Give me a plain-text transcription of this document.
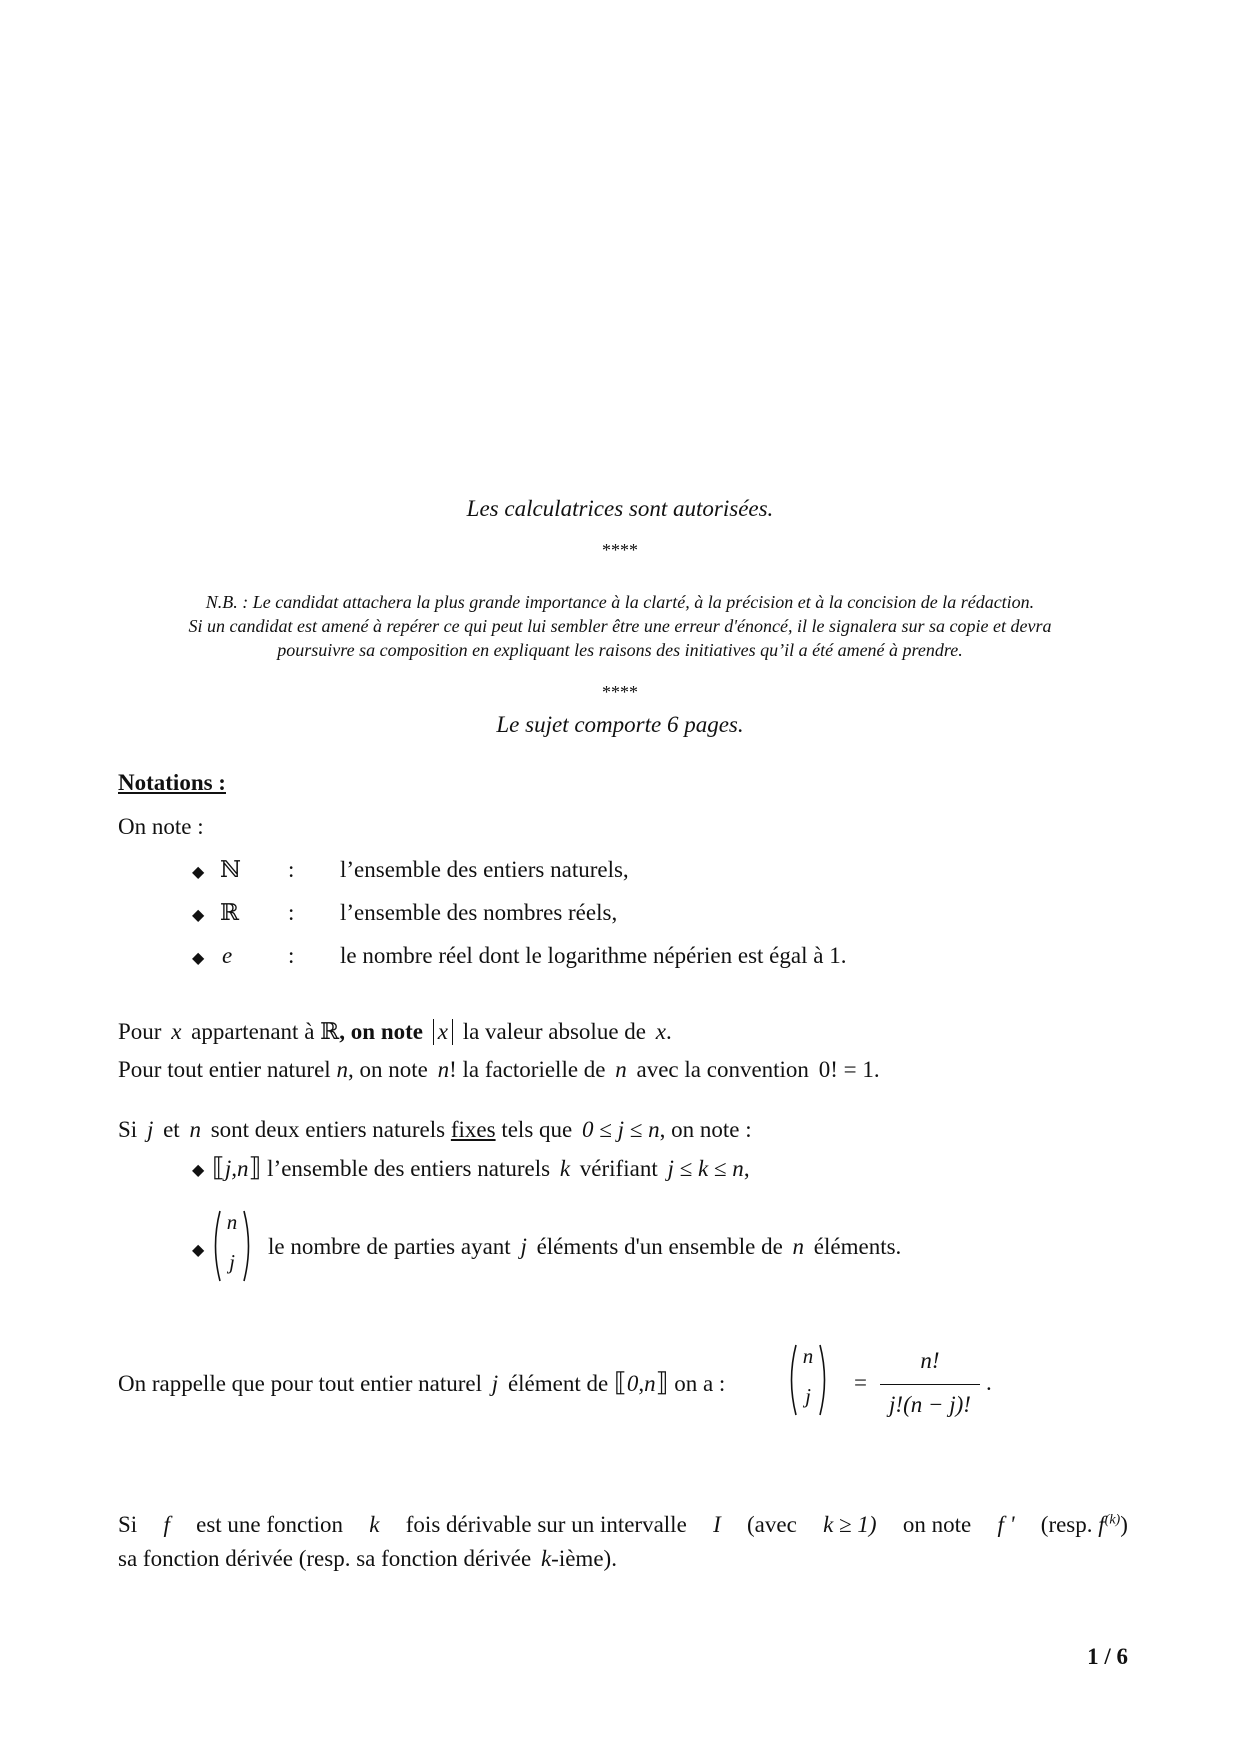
Les calculatrices sont autorisées.
****
N.B. : Le candidat attachera la plus grande importance à la clarté, à la précision et à la concision de la rédaction.
Si un candidat est amené à repérer ce qui peut lui sembler être une erreur d'énoncé, il le signalera sur sa copie et devra
poursuivre sa composition en expliquant les raisons des initiatives qu’il a été amené à prendre.
****
Le sujet comporte 6 pages.
Notations :
On note :
◆ ℕ : l’ensemble des entiers naturels,
◆ ℝ : l’ensemble des nombres réels,
◆ e : le nombre réel dont le logarithme népérien est égal à 1.
Pour x appartenant à ℝ, on note x la valeur absolue de x.
Pour tout entier naturel n, on note n! la factorielle de n avec la convention 0! = 1.
Si j et n sont deux entiers naturels fixes tels que 0 ≤ j ≤ n, on note :
◆ ⟦j,n⟧ l’ensemble des entiers naturels k vérifiant j ≤ k ≤ n,
◆
n
j
le nombre de parties ayant j éléments d'un ensemble de n éléments.
On rappelle que pour tout entier naturel j élément de ⟦0,n⟧ on a :
n
j
=
n!
j!(n − j)!
.
Si f est une fonction k fois dérivable sur un intervalle I (avec k ≥ 1) on note f ' (resp. $f^{(k)}$)
sa fonction dérivée (resp. sa fonction dérivée k-ième).
1 / 6
